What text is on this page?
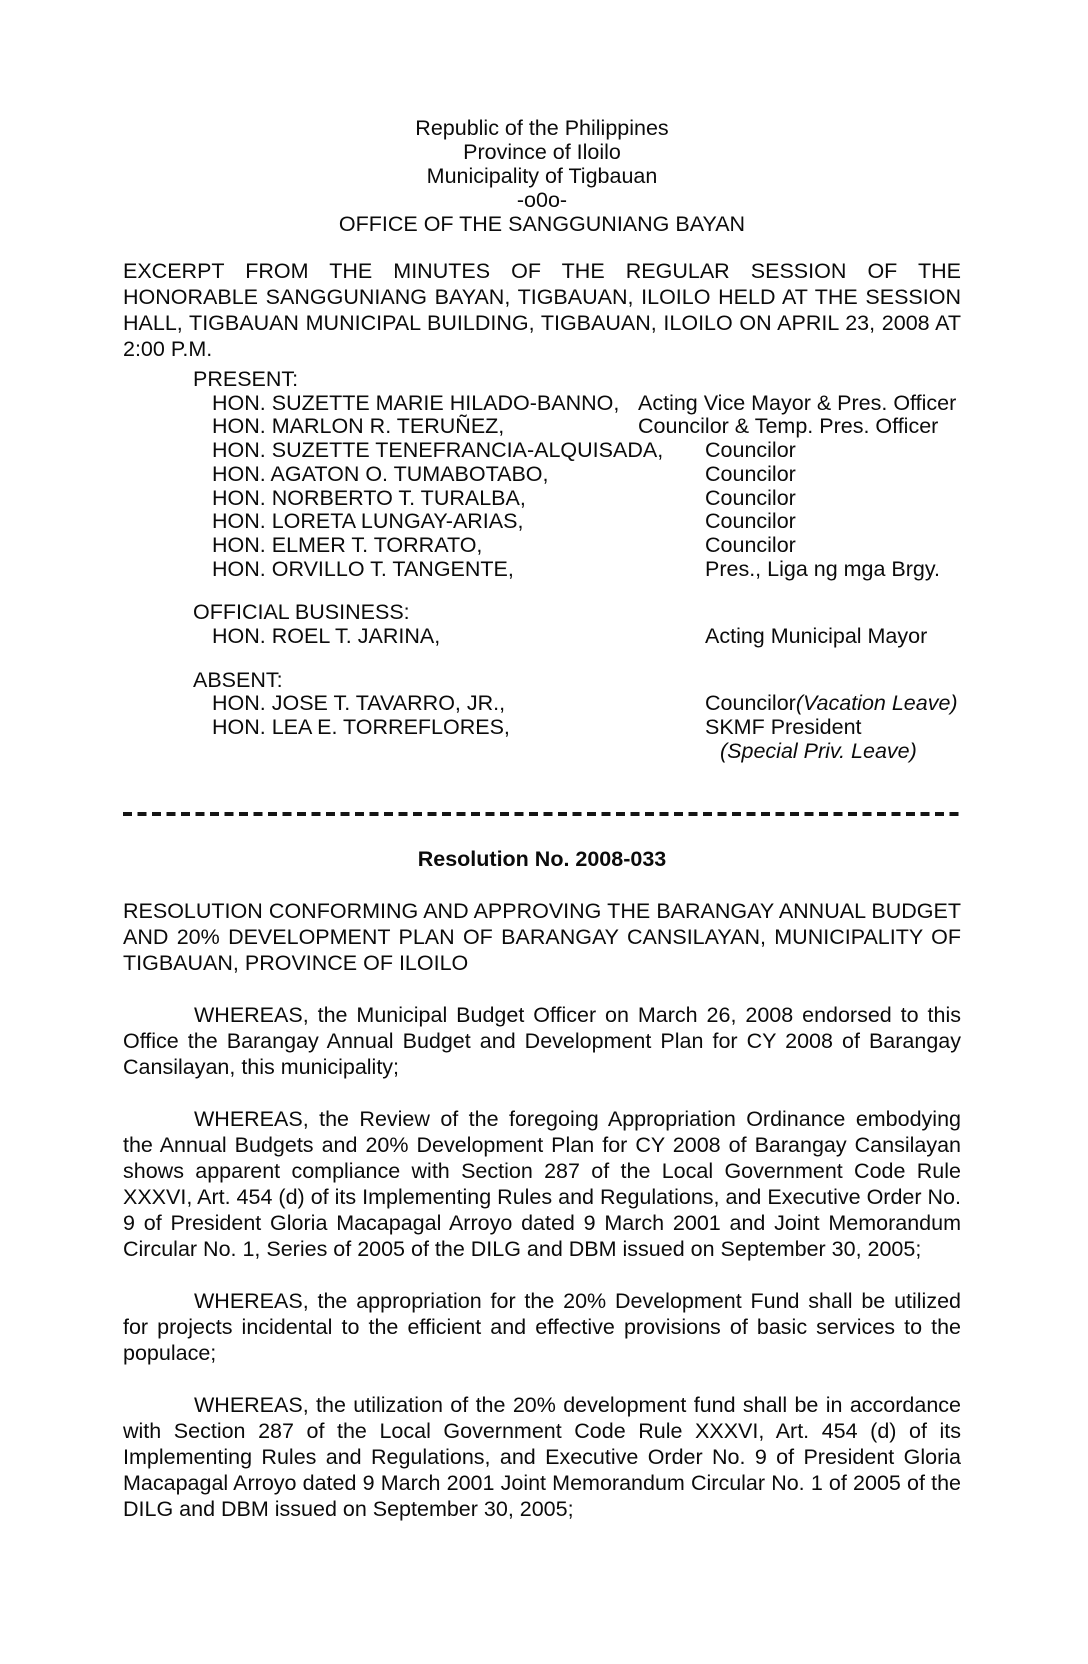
Republic of the Philippines
Province of Iloilo
Municipality of Tigbauan
-o0o-
OFFICE OF THE SANGGUNIANG BAYAN

EXCERPT FROM THE MINUTES OF THE REGULAR SESSION OF THE HONORABLE SANGGUNIANG BAYAN, TIGBAUAN, ILOILO HELD AT THE SESSION HALL, TIGBAUAN MUNICIPAL BUILDING, TIGBAUAN, ILOILO ON APRIL 23, 2008 AT 2:00 P.M.

PRESENT:
HON. SUZETTE MARIE HILADO-BANNO, Acting Vice Mayor & Pres. Officer
HON. MARLON R. TERUÑEZ,	Councilor & Temp. Pres. Officer
HON. SUZETTE TENEFRANCIA-ALQUISADA, Councilor
HON. AGATON O. TUMABOTABO,	Councilor
HON. NORBERTO T. TURALBA,	Councilor
HON. LORETA LUNGAY-ARIAS,	Councilor
HON. ELMER T. TORRATO,	Councilor
HON. ORVILLO T. TANGENTE,	Pres., Liga ng mga Brgy.
OFFICIAL BUSINESS:
HON. ROEL T. JARINA,	Acting Municipal Mayor
ABSENT:
HON. JOSE T. TAVARRO, JR.,	Councilor(Vacation Leave)
HON. LEA E. TORREFLORES,	SKMF President
(Special Priv. Leave)

Resolution No. 2008-033

RESOLUTION CONFORMING AND APPROVING THE BARANGAY ANNUAL BUDGET AND 20% DEVELOPMENT PLAN OF BARANGAY CANSILAYAN, MUNICIPALITY OF TIGBAUAN, PROVINCE OF ILOILO

WHEREAS, the Municipal Budget Officer on March 26, 2008 endorsed to this Office the Barangay Annual Budget and Development Plan for CY 2008 of Barangay Cansilayan, this municipality;

WHEREAS, the Review of the foregoing Appropriation Ordinance embodying the Annual Budgets and 20% Development Plan for CY 2008 of Barangay Cansilayan shows apparent compliance with Section 287 of the Local Government Code Rule XXXVI, Art. 454 (d) of its Implementing Rules and Regulations, and Executive Order No. 9 of President Gloria Macapagal Arroyo dated 9 March 2001 and Joint Memorandum Circular No. 1, Series of 2005 of the DILG and DBM issued on September 30, 2005;

WHEREAS, the appropriation for the 20% Development Fund shall be utilized for projects incidental to the efficient and effective provisions of basic services to the populace;

WHEREAS, the utilization of the 20% development fund shall be in accordance with Section 287 of the Local Government Code Rule XXXVI, Art. 454 (d) of its Implementing Rules and Regulations, and Executive Order No. 9 of President Gloria Macapagal Arroyo dated 9 March 2001 Joint Memorandum Circular No. 1 of 2005 of the DILG and DBM issued on September 30, 2005;
